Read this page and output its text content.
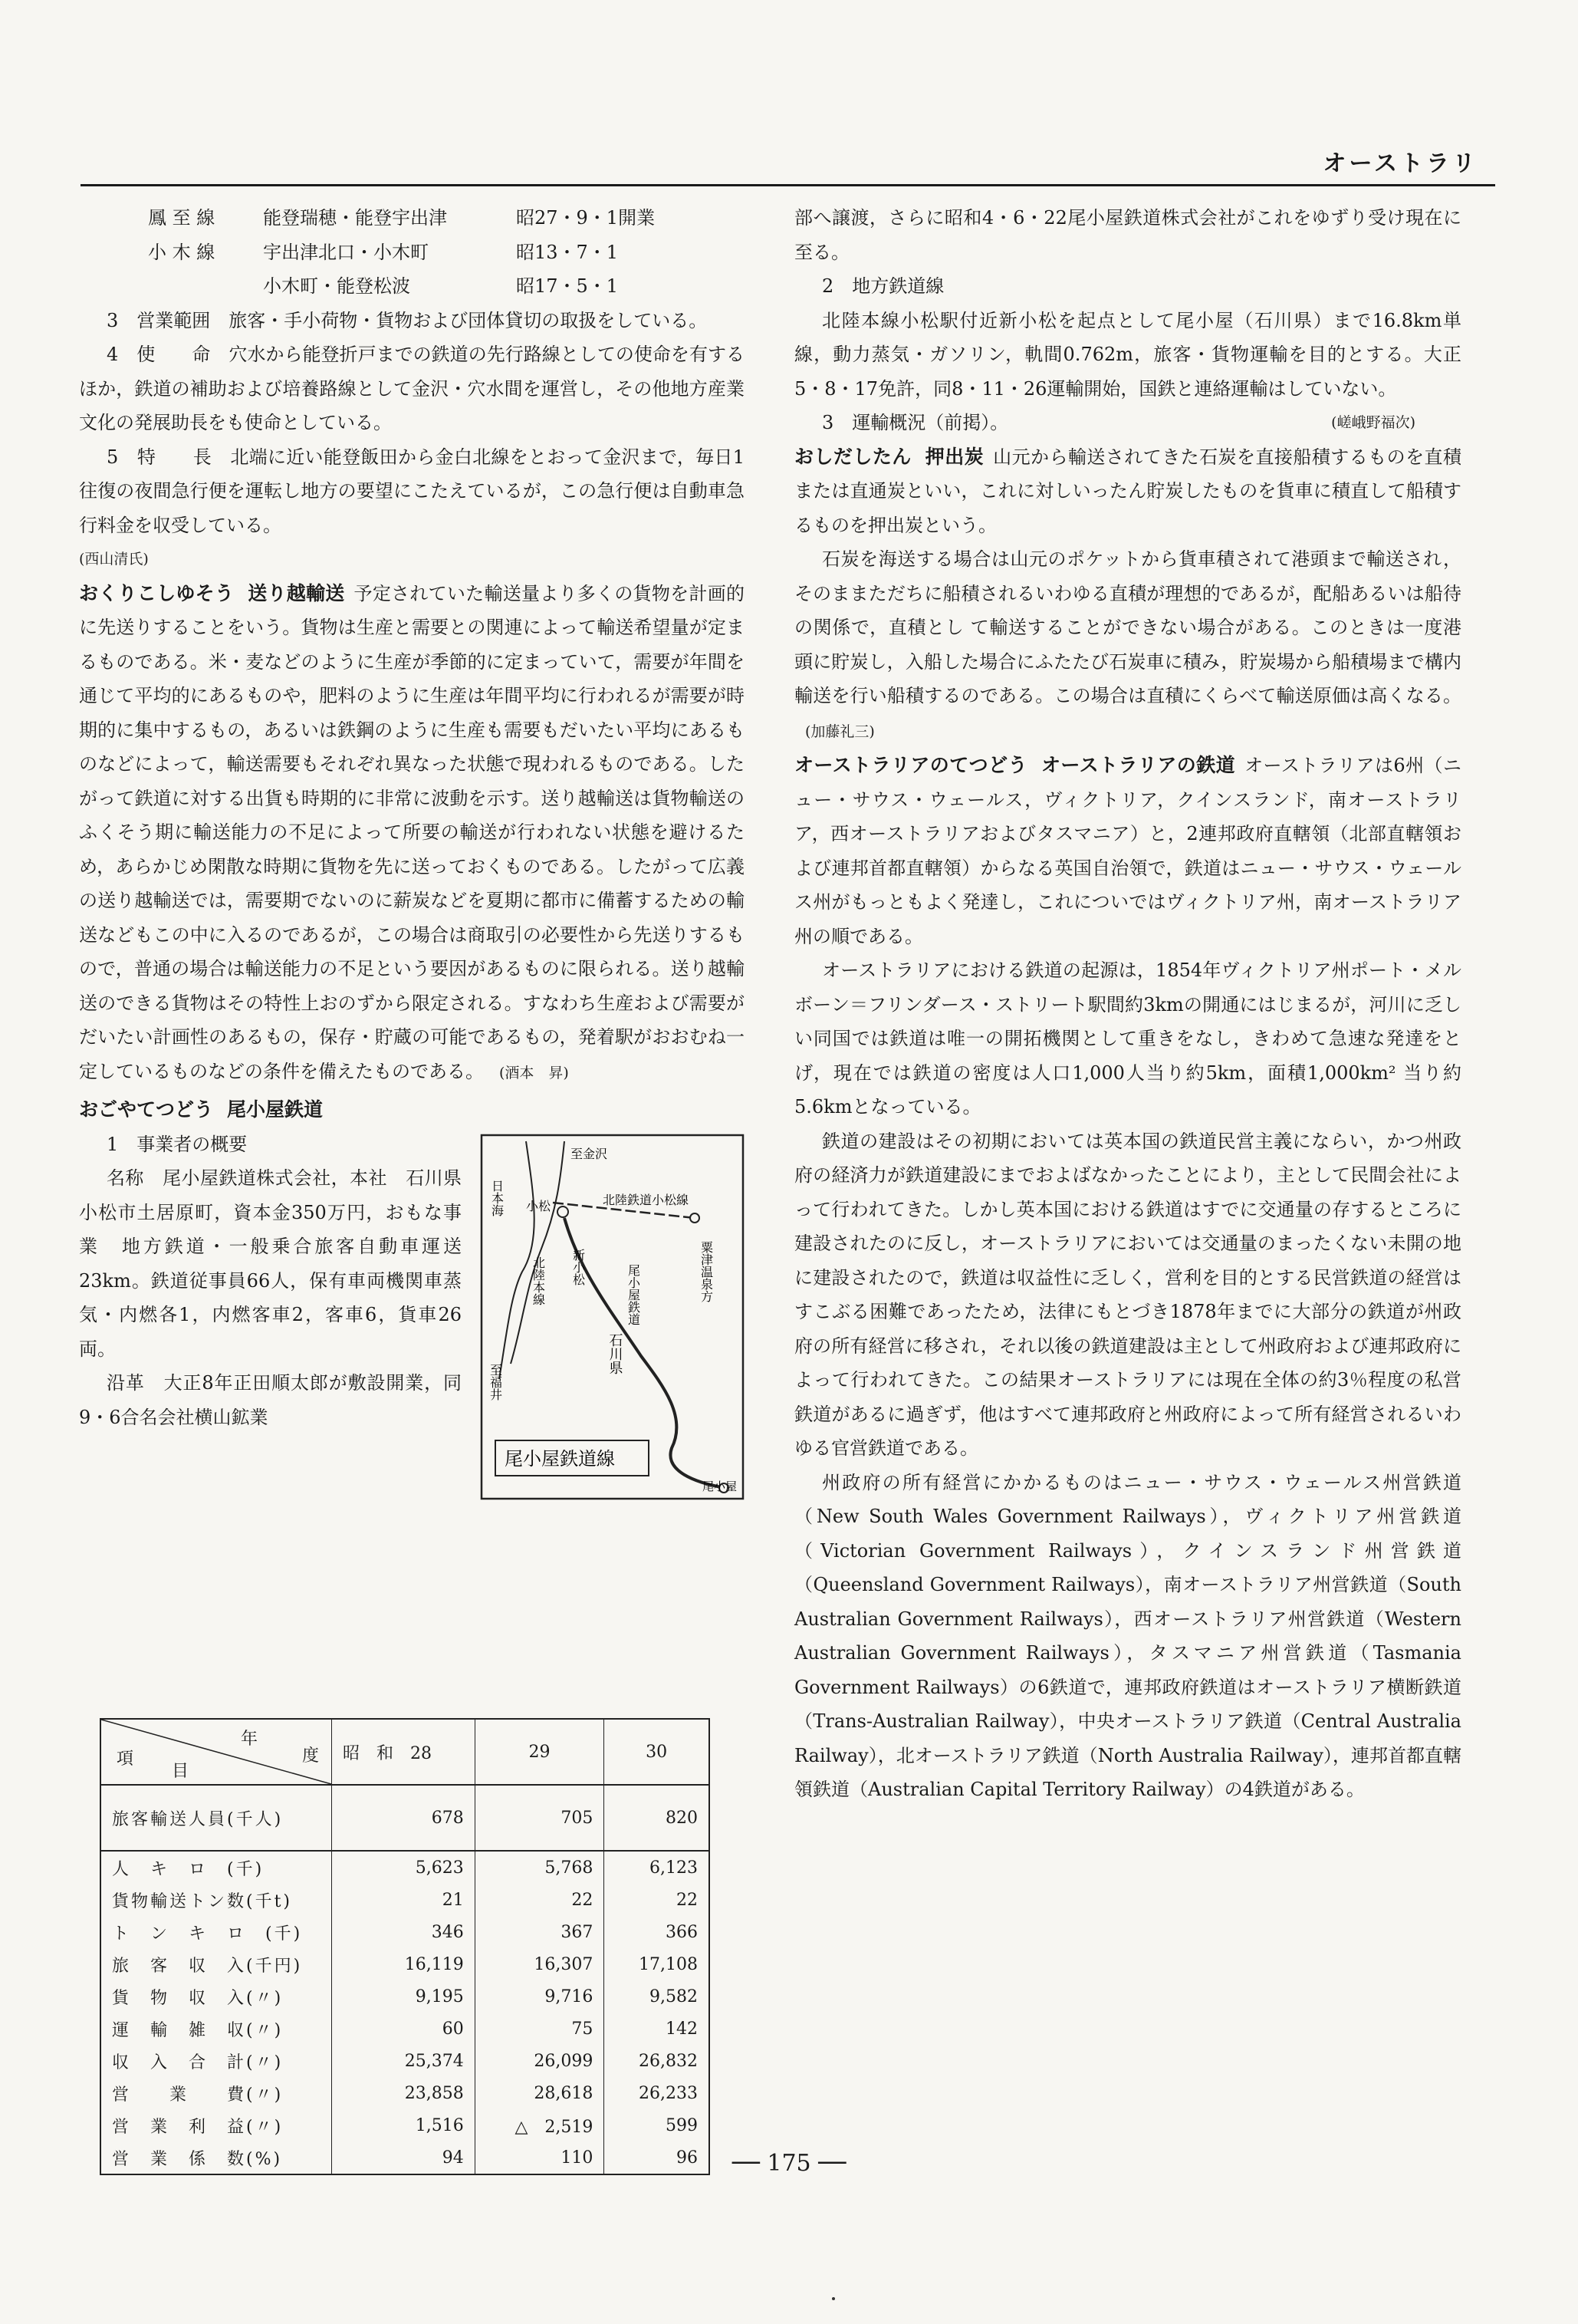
オーストラリ
鳳 至 線	能登瑞穂・能登宇出津	昭27・9・1開業
小 木 線	宇出津北口・小木町	昭13・7・1
小木町・能登松波	昭17・5・1

3　営業範囲　旅客・手小荷物・貨物および団体貸切の取扱をしている。

4　使　　命　穴水から能登折戸までの鉄道の先行路線としての使命を有するほか，鉄道の補助および培養路線として金沢・穴水間を運営し，その他地方産業文化の発展助長をも使命としている。

5　特　　長　北端に近い能登飯田から金白北線をとおって金沢まで，毎日1往復の夜間急行便を運転し地方の要望にこたえているが，この急行便は自動車急行料金を収受している。

(西山清氏)

おくりこしゆそう 送り越輸送 予定されていた輸送量より多くの貨物を計画的に先送りすることをいう。貨物は生産と需要との関連によって輸送希望量が定まるものである。米・麦などのように生産が季節的に定まっていて，需要が年間を通じて平均的にあるものや，肥料のように生産は年間平均に行われるが需要が時期的に集中するもの，あるいは鉄鋼のように生産も需要もだいたい平均にあるものなどによって，輸送需要もそれぞれ異なった状態で現われるものである。したがって鉄道に対する出貨も時期的に非常に波動を示す。送り越輸送は貨物輸送のふくそう期に輸送能力の不足によって所要の輸送が行われない状態を避けるため，あらかじめ閑散な時期に貨物を先に送っておくものである。したがって広義の送り越輸送では，需要期でないのに薪炭などを夏期に都市に備蓄するための輸送などもこの中に入るのであるが，この場合は商取引の必要性から先送りするもので，普通の場合は輸送能力の不足という要因があるものに限られる。送り越輸送のできる貨物はその特性上おのずから限定される。すなわち生産および需要がだいたい計画性のあるもの，保存・貯蔵の可能であるもの，発着駅がおおむね一定しているものなどの条件を備えたものである。 (酒本　昇)

おごやてつどう 尾小屋鉄道

日本海
至金沢
小松	北陸鉄道小松線
北陸本線 新小松	粟津温泉方
石川県
至福井
尾小屋鉄道
尾小屋
尾小屋鉄道線

1　事業者の概要

名称　尾小屋鉄道株式会社，本社　石川県小松市土居原町，資本金350万円，おもな事業　地方鉄道・一般乗合旅客自動車運送23km。鉄道従事員66人，保有車両機関車蒸気・内燃各1，内燃客車2，客車6，貨車26両。

沿革　大正8年正田順太郎が敷設開業，同9・6合名会社横山鉱業

年
度
項
目	昭　和　28	29	30
旅客輸送人員(千人)	678	705	820
人　キ　ロ　(千)	5,623	5,768	6,123
貨物輸送トン数(千t)	21	22	22
ト　ン　キ　ロ　(千)	346	367	366
旅　客　収　入(千円)	16,119	16,307	17,108
貨　物　収　入(〃)	9,195	9,716	9,582
運　輸　雑　収(〃)	60	75	142
収　入　合　計(〃)	25,374	26,099	26,832
営　　業　　費(〃)	23,858	28,618	26,233
営　業　利　益(〃)	1,516	△　2,519	599
営　業　係　数(%)	94	110	96

部へ譲渡，さらに昭和4・6・22尾小屋鉄道株式会社がこれをゆずり受け現在に至る。

2　地方鉄道線

北陸本線小松駅付近新小松を起点として尾小屋（石川県）まで16.8km単線，動力蒸気・ガソリン，軌間0.762m，旅客・貨物運輸を目的とする。大正5・8・17免許，同8・11・26運輸開始，国鉄と連絡運輸はしていない。

3　運輸概況（前掲）。	(嵯峨野福次)

おしだしたん 押出炭 山元から輸送されてきた石炭を直接船積するものを直積または直通炭といい，これに対しいったん貯炭したものを貨車に積直して船積するものを押出炭という。

石炭を海送する場合は山元のポケットから貨車積されて港頭まで輸送され，そのままただちに船積されるいわゆる直積が理想的であるが，配船あるいは船待の関係で，直積とし て輸送することができない場合がある。このときは一度港頭に貯炭し，入船した場合にふたたび石炭車に積み，貯炭場から船積場まで構内輸送を行い船積するのである。この場合は直積にくらべて輸送原価は高くなる。(加藤礼三)

オーストラリアのてつどう オーストラリアの鉄道 オーストラリアは6州（ニュー・サウス・ウェールス，ヴィクトリア，クインスランド，南オーストラリア，西オーストラリアおよびタスマニア）と，2連邦政府直轄領（北部直轄領および連邦首都直轄領）からなる英国自治領で，鉄道はニュー・サウス・ウェールス州がもっともよく発達し，これについではヴィクトリア州，南オーストラリア州の順である。

オーストラリアにおける鉄道の起源は，1854年ヴィクトリア州ポート・メルボーン＝フリンダース・ストリート駅間約3kmの開通にはじまるが，河川に乏しい同国では鉄道は唯一の開拓機関として重きをなし，きわめて急速な発達をとげ，現在では鉄道の密度は人口1,000人当り約5km，面積1,000km² 当り約5.6kmとなっている。

鉄道の建設はその初期においては英本国の鉄道民営主義にならい，かつ州政府の経済力が鉄道建設にまでおよばなかったことにより，主として民間会社によって行われてきた。しかし英本国における鉄道はすでに交通量の存するところに建設されたのに反し，オーストラリアにおいては交通量のまったくない未開の地に建設されたので，鉄道は収益性に乏しく，営利を目的とする民営鉄道の経営はすこぶる困難であったため，法律にもとづき1878年までに大部分の鉄道が州政府の所有経営に移され，それ以後の鉄道建設は主として州政府および連邦政府によって行われてきた。この結果オーストラリアには現在全体の約3％程度の私営鉄道があるに過ぎず，他はすべて連邦政府と州政府によって所有経営されるいわゆる官営鉄道である。

州政府の所有経営にかかるものはニュー・サウス・ウェールス州営鉄道（New South Wales Government Railways），ヴィクトリア州営鉄道（Victorian Government Railways），クインスランド州営鉄道（Queensland Government Railways），南オーストラリア州営鉄道（South Australian Government Railways），西オーストラリア州営鉄道（Western Australian Government Railways），タスマニア州営鉄道（Tasmania Government Railways）の6鉄道で，連邦政府鉄道はオーストラリア横断鉄道（Trans-Australian Railway），中央オーストラリア鉄道（Central Australia Railway），北オーストラリア鉄道（North Australia Railway），連邦首都直轄領鉄道（Australian Capital Territory Railway）の4鉄道がある。

── 175 ──
